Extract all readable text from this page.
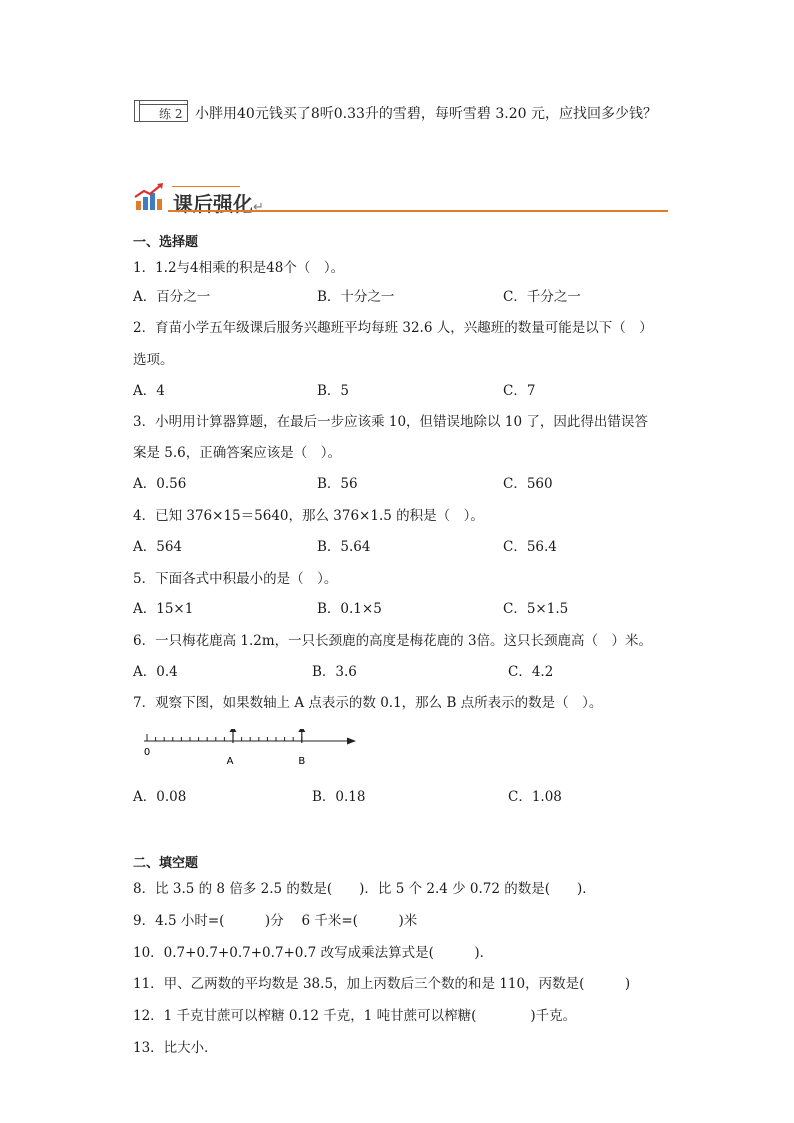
练 2 小胖用40元钱买了8听0.33升的雪碧，每听雪碧 3.20 元，应找回多少钱？
课后强化↵
一、选择题
1．1.2与4相乘的积是48个（　）。
A．百分之一	B．十分之一	C．千分之一
2．育苗小学五年级课后服务兴趣班平均每班 32.6 人，兴趣班的数量可能是以下（　）
选项。
A．4	B．5	C．7
3．小明用计算器算题，在最后一步应该乘 10，但错误地除以 10 了，因此得出错误答
案是 5.6，正确答案应该是（　）。
A．0.56	B．56	C．560
4．已知 376×15＝5640，那么 376×1.5 的积是（　）。
A．564	B．5.64	C．56.4
5．下面各式中积最小的是（　）。
A．15×1	B．0.1×5	C．5×1.5
6．一只梅花鹿高 1.2m，一只长颈鹿的高度是梅花鹿的 3倍。这只长颈鹿高（　）米。
A．0.4	B．3.6	C．4.2
7．观察下图，如果数轴上 A 点表示的数 0.1，那么 B 点所表示的数是（　）。
A．0.08	B．0.18	C．1.08
0
A	B
二、填空题
8．比 3.5 的 8 倍多 2.5 的数是(　　)．比 5 个 2.4 少 0.72 的数是(　　)．
9．4.5 小时=(　　　)分　 6 千米=(　　　)米
10．0.7+0.7+0.7+0.7+0.7 改写成乘法算式是(　　　)．
11．甲、乙两数的平均数是 38.5，加上丙数后三个数的和是 110，丙数是(　　　)
12．1 千克甘蔗可以榨糖 0.12 千克，1 吨甘蔗可以榨糖(　　　　)千克。
13．比大小．
